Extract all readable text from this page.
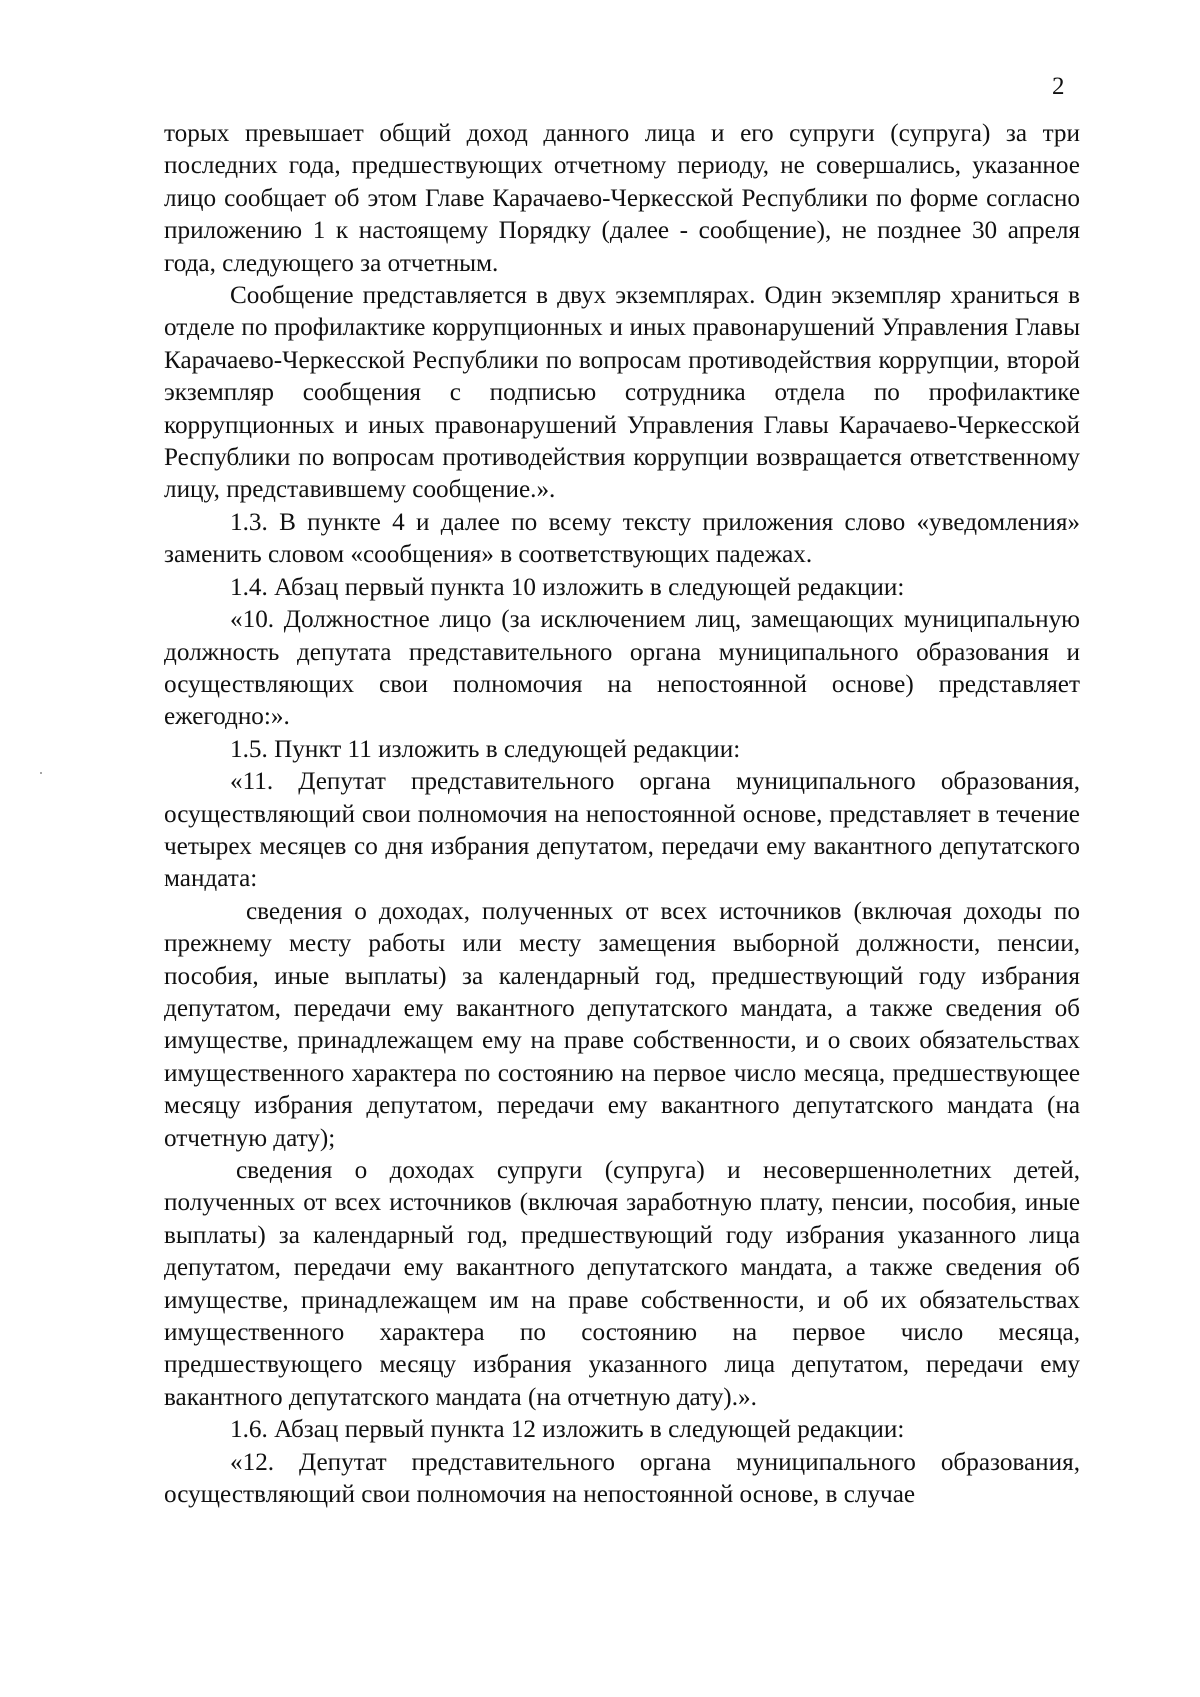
2

торых превышает общий доход данного лица и его супруги (супруга) за три последних года, предшествующих отчетному периоду, не совершались, указанное лицо сообщает об этом Главе Карачаево-Черкесской Республики по форме согласно приложению 1 к настоящему Порядку (далее - сообщение), не позднее 30 апреля года, следующего за отчетным.

Сообщение представляется в двух экземплярах. Один экземпляр храниться в отделе по профилактике коррупционных и иных правонарушений Управления Главы Карачаево-Черкесской Республики по вопросам противодействия коррупции, второй экземпляр сообщения с подписью сотрудника отдела по профилактике коррупционных и иных правонарушений Управления Главы Карачаево-Черкесской Республики по вопросам противодействия коррупции возвращается ответственному лицу, представившему сообщение.».

1.3. В пункте 4 и далее по всему тексту приложения слово «уведомления» заменить словом «сообщения» в соответствующих падежах.

1.4. Абзац первый пункта 10 изложить в следующей редакции:

«10. Должностное лицо (за исключением лиц, замещающих муниципальную должность депутата представительного органа муниципального образования и осуществляющих свои полномочия на непостоянной основе) представляет ежегодно:».

1.5. Пункт 11 изложить в следующей редакции:

«11. Депутат представительного органа муниципального образования, осуществляющий свои полномочия на непостоянной основе, представляет в течение четырех месяцев со дня избрания депутатом, передачи ему вакантного депутатского мандата:

сведения о доходах, полученных от всех источников (включая доходы по прежнему месту работы или месту замещения выборной должности, пенсии, пособия, иные выплаты) за календарный год, предшествующий году избрания депутатом, передачи ему вакантного депутатского мандата, а также сведения об имуществе, принадлежащем ему на праве собственности, и о своих обязательствах имущественного характера по состоянию на первое число месяца, предшествующее месяцу избрания депутатом, передачи ему вакантного депутатского мандата (на отчетную дату);

сведения о доходах супруги (супруга) и несовершеннолетних детей, полученных от всех источников (включая заработную плату, пенсии, пособия, иные выплаты) за календарный год, предшествующий году избрания указанного лица депутатом, передачи ему вакантного депутатского мандата, а также сведения об имуществе, принадлежащем им на праве собственности, и об их обязательствах имущественного характера по состоянию на первое число месяца, предшествующего месяцу избрания указанного лица депутатом, передачи ему вакантного депутатского мандата (на отчетную дату).».

1.6. Абзац первый пункта 12 изложить в следующей редакции:

«12. Депутат представительного органа муниципального образования, осуществляющий свои полномочия на непостоянной основе, в случае
